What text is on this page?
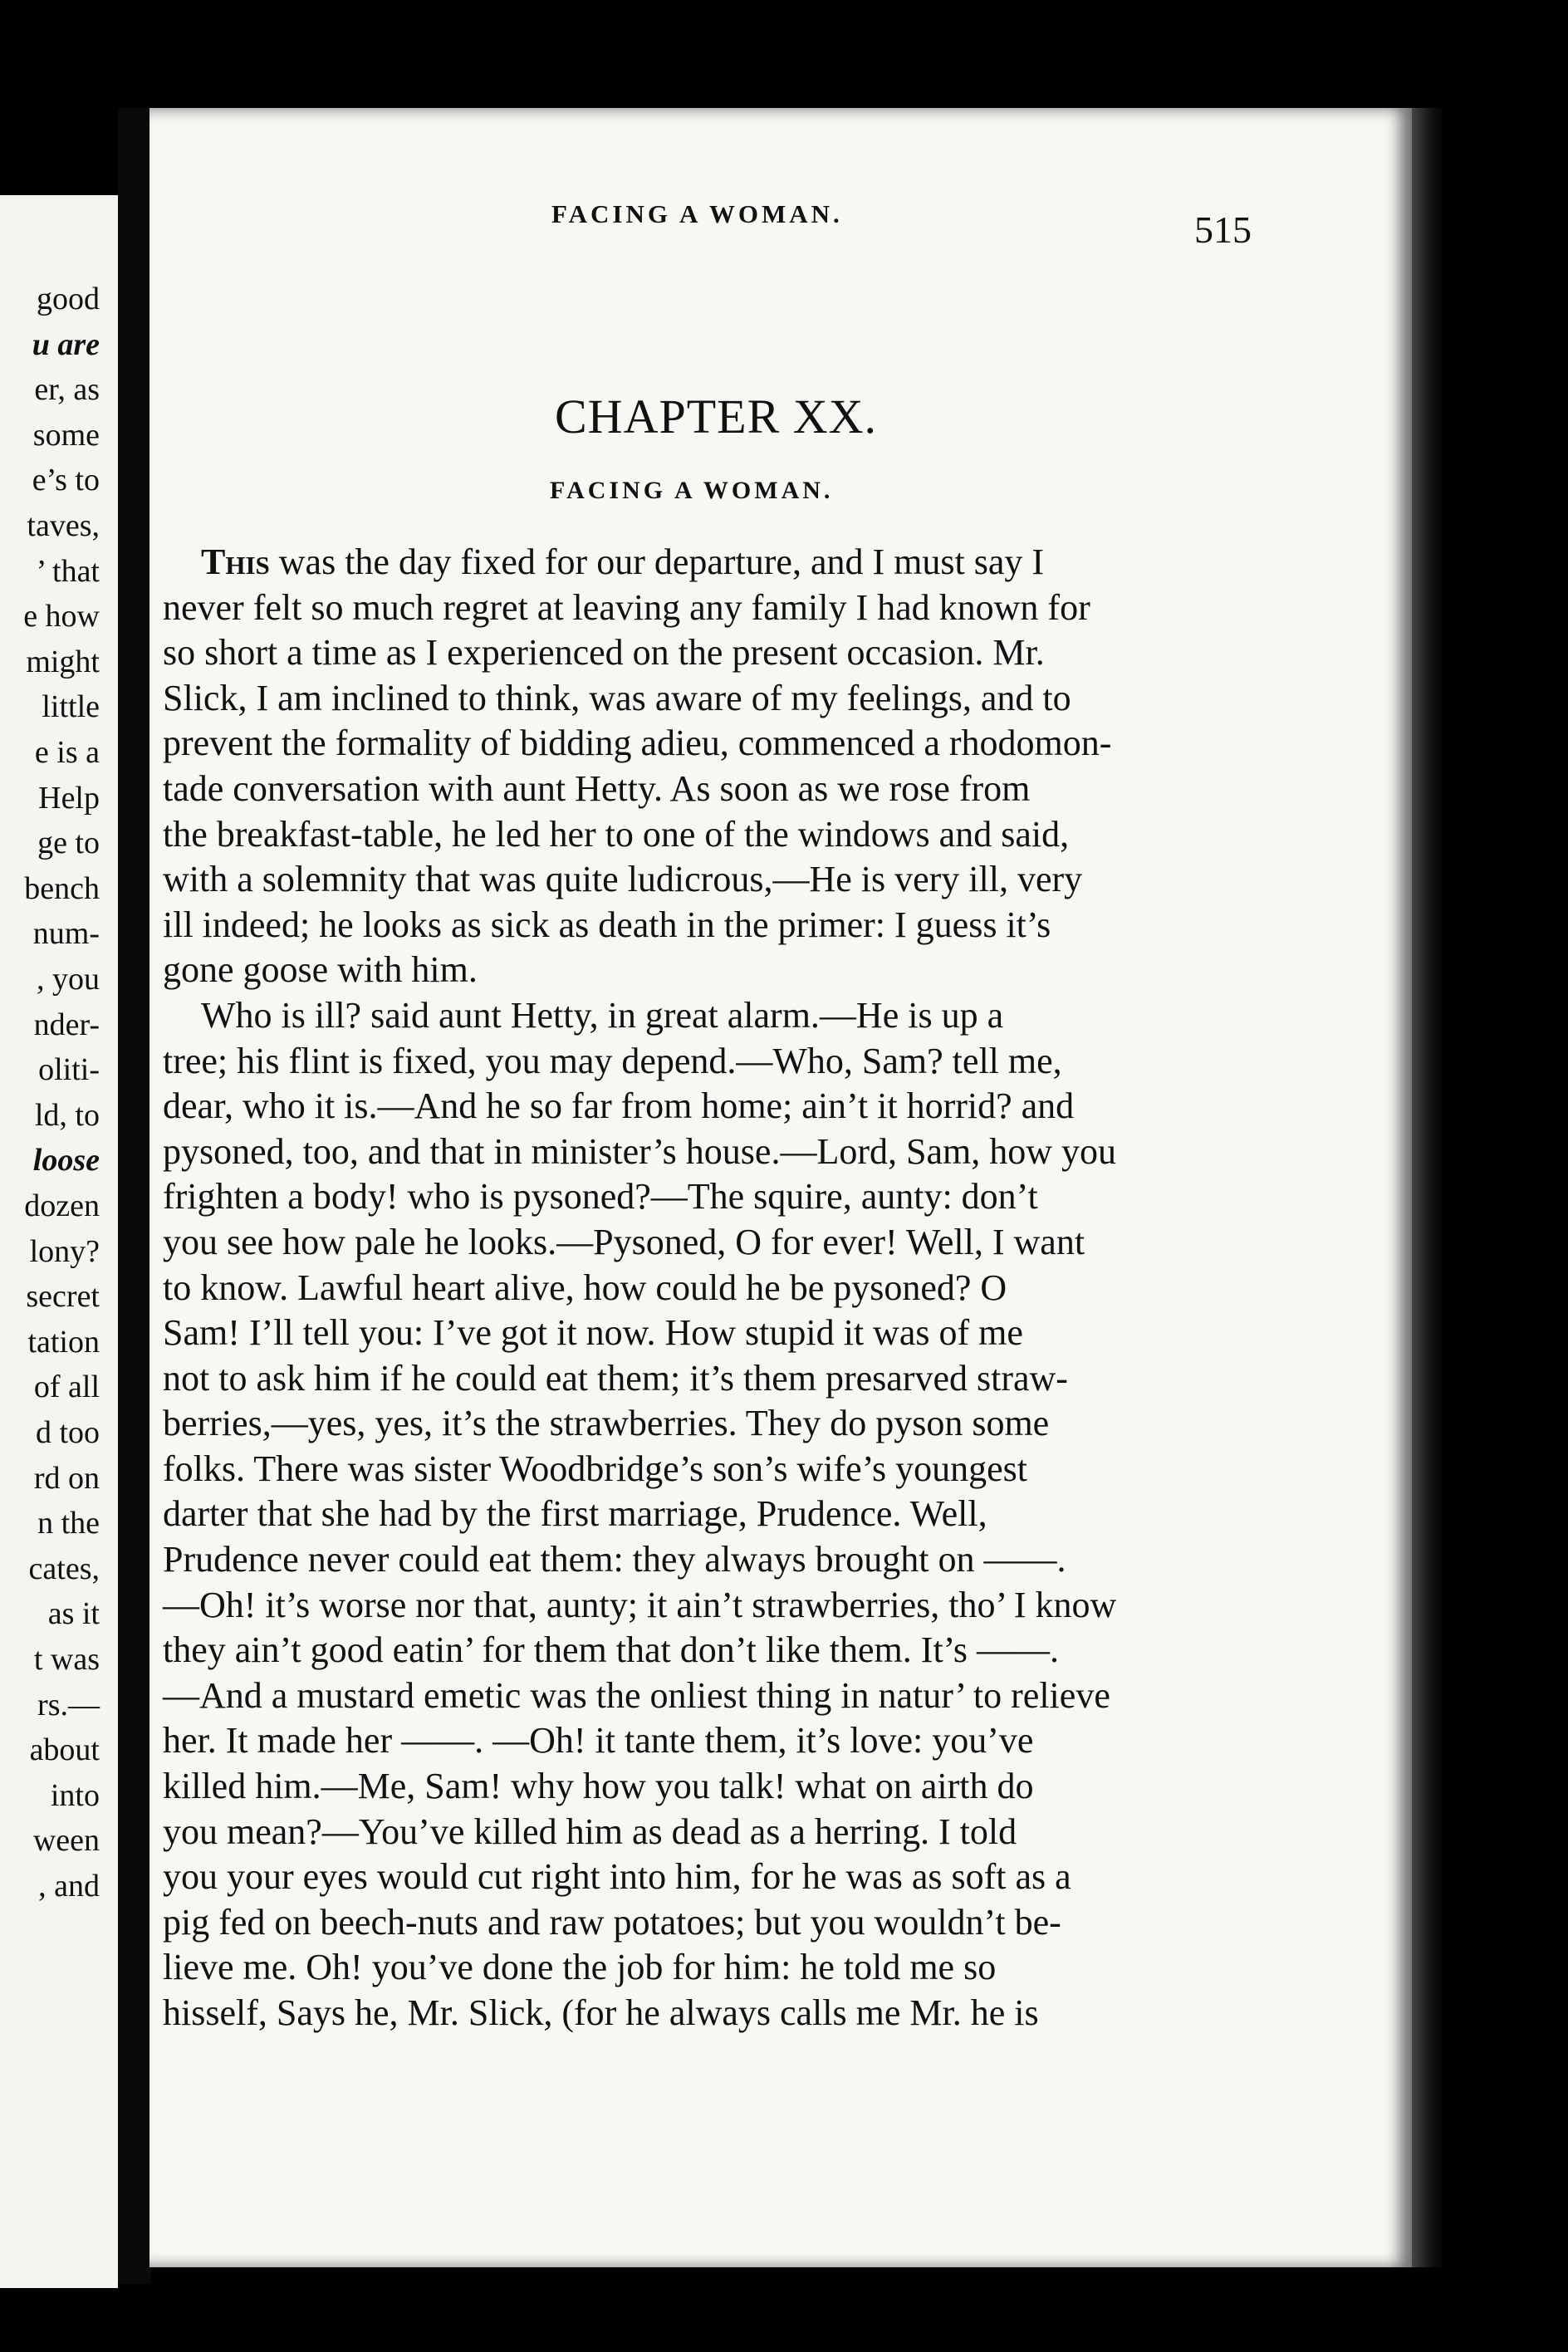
good
u are
er, as
some
e’s to
taves,
’ that
e how
might
little
e is a
Help
ge to
bench
num-
, you
nder-
oliti-
ld, to
loose
dozen
lony?
secret
tation
of all
d too
rd on
n the
cates,
as it
t was
rs.—
about
into
ween
, and
FACING A WOMAN.	515
CHAPTER XX.
FACING A WOMAN.
This was the day fixed for our departure, and I must say I
never felt so much regret at leaving any family I had known for
so short a time as I experienced on the present occasion. Mr.
Slick, I am inclined to think, was aware of my feelings, and to
prevent the formality of bidding adieu, commenced a rhodomon-
tade conversation with aunt Hetty. As soon as we rose from
the breakfast-table, he led her to one of the windows and said,
with a solemnity that was quite ludicrous,—He is very ill, very
ill indeed; he looks as sick as death in the primer: I guess it’s
gone goose with him.
Who is ill? said aunt Hetty, in great alarm.—He is up a
tree; his flint is fixed, you may depend.—Who, Sam? tell me,
dear, who it is.—And he so far from home; ain’t it horrid? and
pysoned, too, and that in minister’s house.—Lord, Sam, how you
frighten a body! who is pysoned?—The squire, aunty: don’t
you see how pale he looks.—Pysoned, O for ever! Well, I want
to know. Lawful heart alive, how could he be pysoned? O
Sam! I’ll tell you: I’ve got it now. How stupid it was of me
not to ask him if he could eat them; it’s them presarved straw-
berries,—yes, yes, it’s the strawberries. They do pyson some
folks. There was sister Woodbridge’s son’s wife’s youngest
darter that she had by the first marriage, Prudence. Well,
Prudence never could eat them: they always brought on ——.
—Oh! it’s worse nor that, aunty; it ain’t strawberries, tho’ I know
they ain’t good eatin’ for them that don’t like them. It’s ——.
—And a mustard emetic was the onliest thing in natur’ to relieve
her. It made her ——. —Oh! it tante them, it’s love: you’ve
killed him.—Me, Sam! why how you talk! what on airth do
you mean?—You’ve killed him as dead as a herring. I told
you your eyes would cut right into him, for he was as soft as a
pig fed on beech-nuts and raw potatoes; but you wouldn’t be-
lieve me. Oh! you’ve done the job for him: he told me so
hisself, Says he, Mr. Slick, (for he always calls me Mr. he is
